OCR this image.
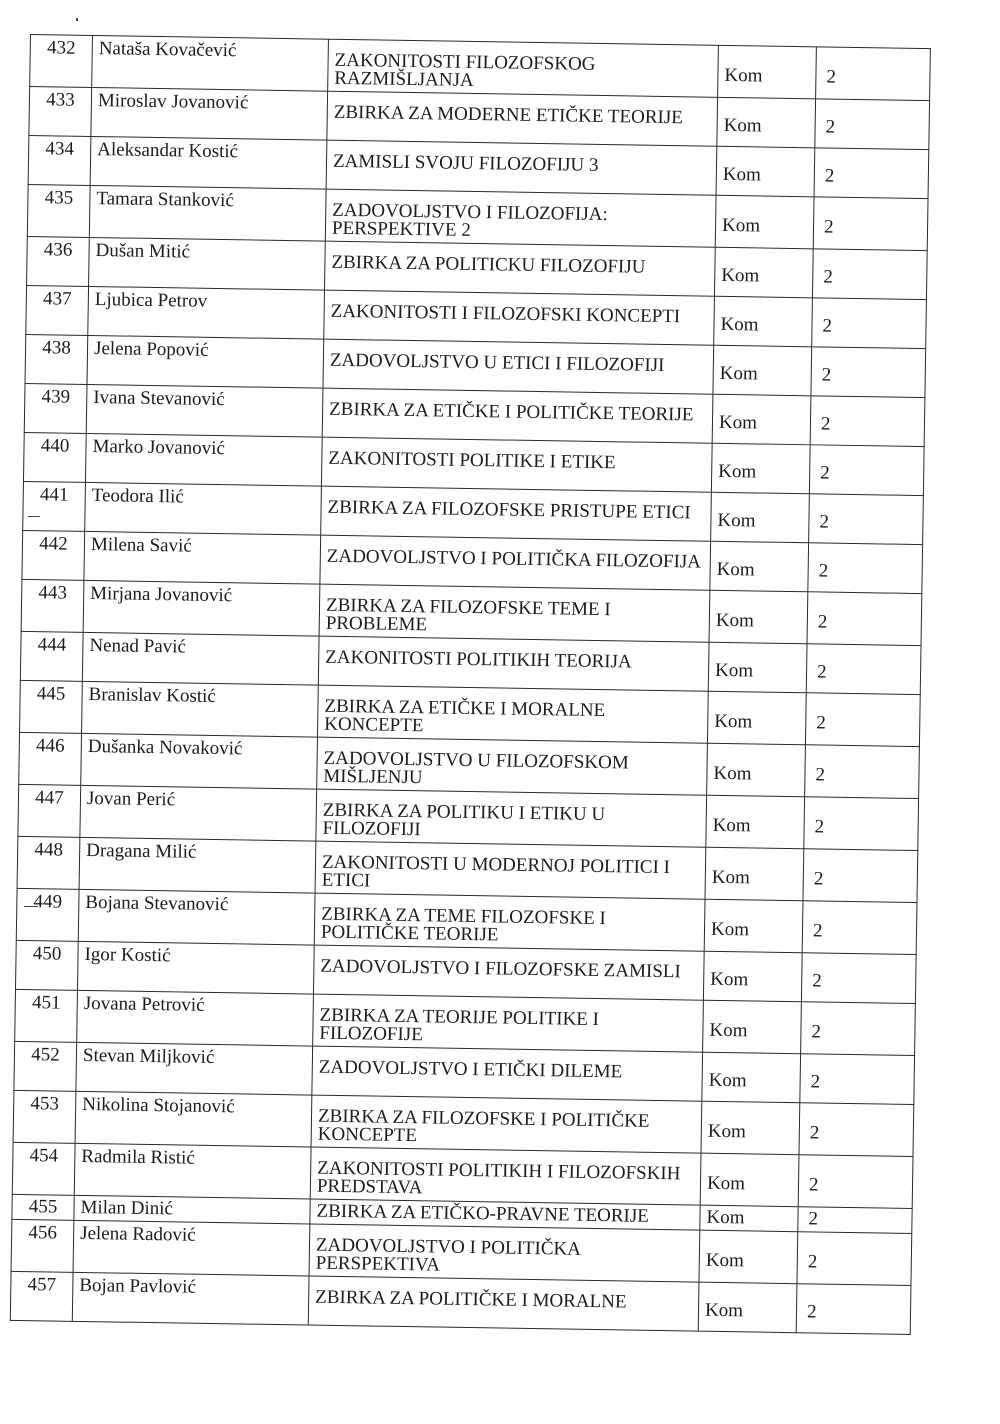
432	Nataša Kovačević	ZAKONITOSTI FILOZOFSKOG RAZMIŠLJANJA	Kom	2
433	Miroslav Jovanović	ZBIRKA ZA MODERNE ETIČKE TEORIJE	Kom	2
434	Aleksandar Kostić	ZAMISLI SVOJU FILOZOFIJU 3	Kom	2
435	Tamara Stanković	ZADOVOLJSTVO I FILOZOFIJA: PERSPEKTIVE 2	Kom	2
436	Dušan Mitić	ZBIRKA ZA POLITICKU FILOZOFIJU	Kom	2
437	Ljubica Petrov	ZAKONITOSTI I FILOZOFSKI KONCEPTI	Kom	2
438	Jelena Popović	ZADOVOLJSTVO U ETICI I FILOZOFIJI	Kom	2
439	Ivana Stevanović	ZBIRKA ZA ETIČKE I POLITIČKE TEORIJE	Kom	2
440	Marko Jovanović	ZAKONITOSTI POLITIKE I ETIKE	Kom	2
441	Teodora Ilić	ZBIRKA ZA FILOZOFSKE PRISTUPE ETICI	Kom	2
442	Milena Savić	ZADOVOLJSTVO I POLITIČKA FILOZOFIJA	Kom	2
443	Mirjana Jovanović	ZBIRKA ZA FILOZOFSKE TEME I PROBLEME	Kom	2
444	Nenad Pavić	ZAKONITOSTI POLITIKIH TEORIJA	Kom	2
445	Branislav Kostić	ZBIRKA ZA ETIČKE I MORALNE KONCEPTE	Kom	2
446	Dušanka Novaković	ZADOVOLJSTVO U FILOZOFSKOM MIŠLJENJU	Kom	2
447	Jovan Perić	ZBIRKA ZA POLITIKU I ETIKU U FILOZOFIJI	Kom	2
448	Dragana Milić	ZAKONITOSTI U MODERNOJ POLITICI I ETICI	Kom	2
449	Bojana Stevanović	ZBIRKA ZA TEME FILOZOFSKE I POLITIČKE TEORIJE	Kom	2
450	Igor Kostić	ZADOVOLJSTVO I FILOZOFSKE ZAMISLI	Kom	2
451	Jovana Petrović	ZBIRKA ZA TEORIJE POLITIKE I FILOZOFIJE	Kom	2
452	Stevan Miljković	ZADOVOLJSTVO I ETIČKI DILEME	Kom	2
453	Nikolina Stojanović	ZBIRKA ZA FILOZOFSKE I POLITIČKE KONCEPTE	Kom	2
454	Radmila Ristić	ZAKONITOSTI POLITIKIH I FILOZOFSKIH PREDSTAVA	Kom	2
455	Milan Dinić	ZBIRKA ZA ETIČKO-PRAVNE TEORIJE	Kom	2
456	Jelena Radović	ZADOVOLJSTVO I POLITIČKA PERSPEKTIVA	Kom	2
457	Bojan Pavlović	ZBIRKA ZA POLITIČKE I MORALNE	Kom	2
